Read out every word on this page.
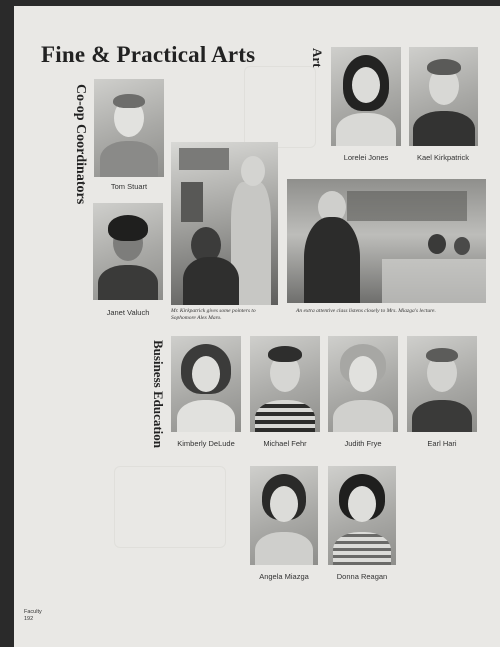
Fine & Practical Arts
Co-op Coordinators
Art
Business Education
Tom Stuart
Janet Valuch	Mr. Kirkpatrick gives some pointers to Sophomore Alex Maro.
An extra attentive class listens closely to Mrs. Miazga's lecture.
Lorelei Jones	Kael Kirkpatrick
Kimberly DeLude	Michael Fehr	Judith Frye	Earl Hari
Angela Miazga	Donna Reagan
Faculty
192
